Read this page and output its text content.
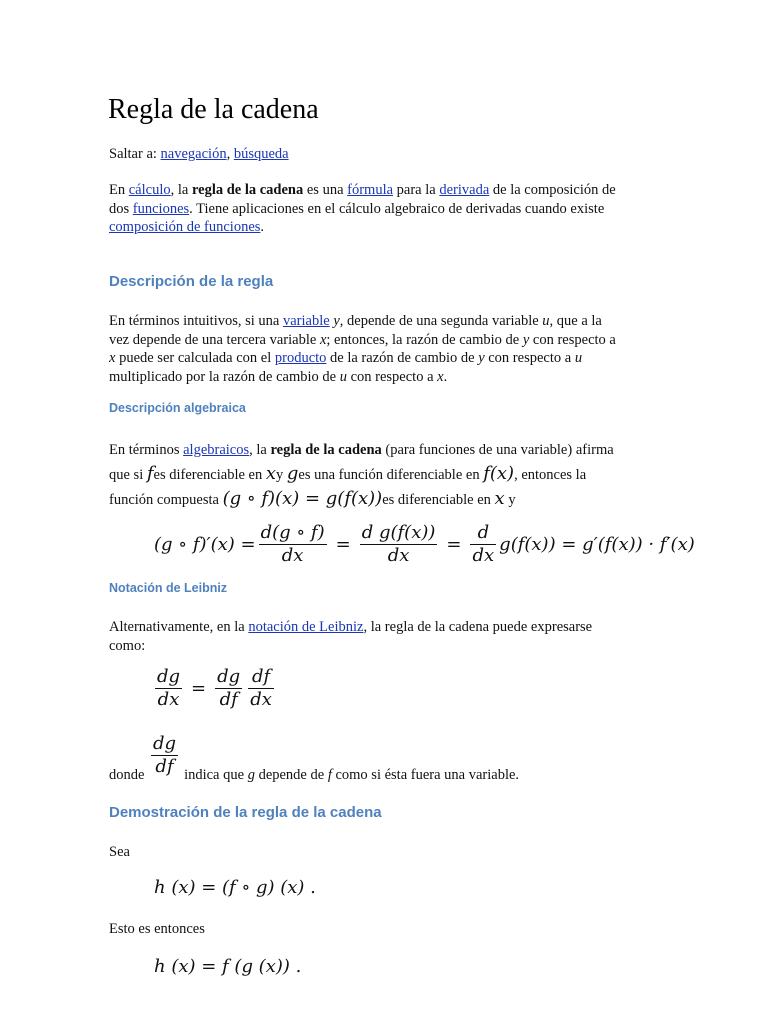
Regla de la cadena
Saltar a: navegación, búsqueda
En cálculo, la regla de la cadena es una fórmula para la derivada de la composición de
dos funciones. Tiene aplicaciones en el cálculo algebraico de derivadas cuando existe
composición de funciones.
Descripción de la regla
En términos intuitivos, si una variable y, depende de una segunda variable u, que a la
vez depende de una tercera variable x; entonces, la razón de cambio de y con respecto a
x puede ser calculada con el producto de la razón de cambio de y con respecto a u
multiplicado por la razón de cambio de u con respecto a x.
Descripción algebraica
En términos algebraicos, la regla de la cadena (para funciones de una variable) afirma
que si fes diferenciable en xy ges una función diferenciable en f(x), entonces la
función compuesta (g ∘ f)(x) = g(f(x))es diferenciable en x y
(g ∘ $f)'(x) = \frac{d(g \circ f)}{dx} = \frac{\text{d g(f(x))}}{dx} = \frac{d}{dx} g(f(x)) = g'(f(x)) \cdot f'(x)$
Notación de Leibniz
Alternativamente, en la notación de Leibniz, la regla de la cadena puede expresarse
como:
$\frac{dg}{dx} = \frac{dg}{df} \frac{df}{dx}$
$\frac{dg}{df}$
donde indica que g depende de f como si ésta fuera una variable.
Demostración de la regla de la cadena
Sea
h (x) = (f ∘ g) (x) .
Esto es entonces
h (x) = f (g (x)) .
